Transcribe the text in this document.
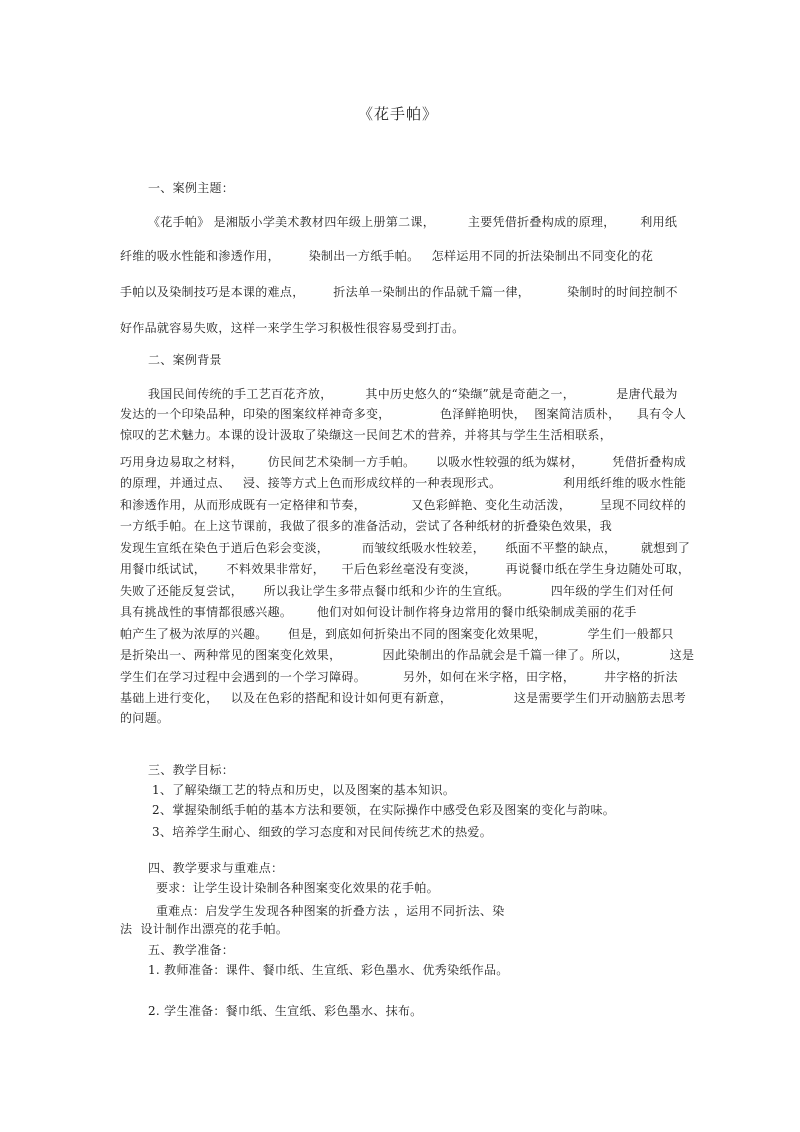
《花手帕》
一、案例主题：
《花手帕》 是湘版小学美术教材四年级上册第二课，        主要凭借折叠构成的原理，      利用纸
纤维的吸水性能和渗透作用，       染制出一方纸手帕。   怎样运用不同的折法染制出不同变化的花
手帕以及染制技巧是本课的难点，       折法单一染制出的作品就千篇一律，         染制时的时间控制不
好作品就容易失败，这样一来学生学习积极性很容易受到打击。
二、案例背景
我国民间传统的手工艺百花齐放，        其中历史悠久的“染缬”就是奇葩之一，          是唐代最为
发达的一个印染品种，印染的图案纹样神奇多变，            色泽鲜艳明快，  图案简洁质朴，    具有令人
惊叹的艺术魅力。本课的设计汲取了染缬这一民间艺术的营养，并将其与学生生活相联系，
巧用身边易取之材料，      仿民间艺术染制一方手帕。     以吸水性较强的纸为媒材，       凭借折叠构成
的原理，并通过点、   浸、接等方式上色而形成纹样的一种表现形式。               利用纸纤维的吸水性能
和渗透作用，从而形成既有一定格律和节奏，           又色彩鲜艳、变化生动活泼，       呈现不同纹样的
一方纸手帕。在上这节课前，我做了很多的准备活动，尝试了各种纸材的折叠染色效果，我
发现生宣纸在染色于逍后色彩会变淡，        而皱纹纸吸水性较差，     纸面不平整的缺点，      就想到了
用餐巾纸试试，     不料效果非常好，    干后色彩丝毫没有变淡，       再说餐巾纸在学生身边随处可取，
失败了还能反复尝试，     所以我让学生多带点餐巾纸和少许的生宣纸。          四年级的学生们对任何
具有挑战性的事情都很感兴趣。      他们对如何设计制作将身边常用的餐巾纸染制成美丽的花手
帕产生了极为浓厚的兴趣。     但是，到底如何折染出不同的图案变化效果呢，          学生们一般都只
是折染出一、两种常见的图案变化效果，          因此染制出的作品就会是千篇一律了。所以，          这是
学生们在学习过程中会遇到的一个学习障碍。         另外，如何在米字格，田字格，       井字格的折法
基础上进行变化，   以及在色彩的搭配和设计如何更有新意，               这是需要学生们开动脑筋去思考
的问题。
三、教学目标：
1、了解染缬工艺的特点和历史，以及图案的基本知识。
2、掌握染制纸手帕的基本方法和要领，在实际操作中感受色彩及图案的变化与韵味。
3、培养学生耐心、细致的学习态度和对民间传统艺术的热爱。
四、教学要求与重难点：
要求：让学生设计染制各种图案变化效果的花手帕。
重难点：启发学生发现各种图案的折叠方法 ，运用不同折法、染
法  设计制作出漂亮的花手帕。
五、教学准备：
1. 教师准备：课件、餐巾纸、生宣纸、彩色墨水、优秀染纸作品。
2. 学生准备：餐巾纸、生宣纸、彩色墨水、抹布。
